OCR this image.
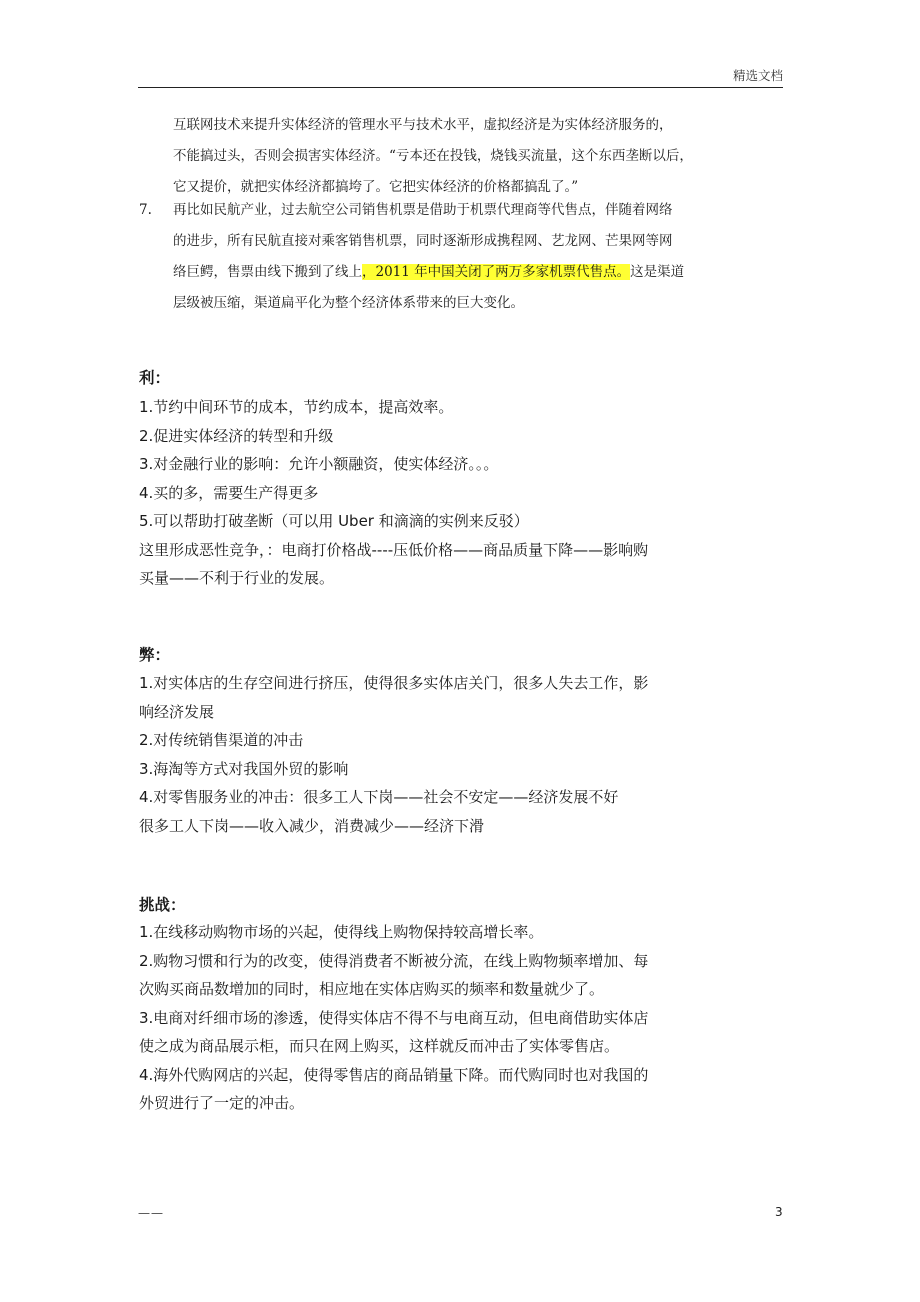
精选文档
互联网技术来提升实体经济的管理水平与技术水平，虚拟经济是为实体经济服务的，
不能搞过头，否则会损害实体经济。“亏本还在投钱，烧钱买流量，这个东西垄断以后，
它又提价，就把实体经济都搞垮了。它把实体经济的价格都搞乱了。”
7. 再比如民航产业，过去航空公司销售机票是借助于机票代理商等代售点，伴随着网络
的进步，所有民航直接对乘客销售机票，同时逐渐形成携程网、艺龙网、芒果网等网
络巨鳄，售票由线下搬到了线上，2011 年中国关闭了两万多家机票代售点。这是渠道
层级被压缩，渠道扁平化为整个经济体系带来的巨大变化。
利：
1.节约中间环节的成本，节约成本，提高效率。
2.促进实体经济的转型和升级
3.对金融行业的影响：允许小额融资，使实体经济。。。
4.买的多，需要生产得更多
5.可以帮助打破垄断（可以用 Uber 和滴滴的实例来反驳）
这里形成恶性竞争，：电商打价格战----压低价格——商品质量下降——影响购
买量——不利于行业的发展。
弊：
1.对实体店的生存空间进行挤压，使得很多实体店关门，很多人失去工作，影
响经济发展
2.对传统销售渠道的冲击
3.海淘等方式对我国外贸的影响
4.对零售服务业的冲击：很多工人下岗——社会不安定——经济发展不好
很多工人下岗——收入减少，消费减少——经济下滑
挑战：
1.在线移动购物市场的兴起，使得线上购物保持较高增长率。
2.购物习惯和行为的改变，使得消费者不断被分流，在线上购物频率增加、每
次购买商品数增加的同时，相应地在实体店购买的频率和数量就少了。
3.电商对纤细市场的渗透，使得实体店不得不与电商互动，但电商借助实体店
使之成为商品展示柜，而只在网上购买，这样就反而冲击了实体零售店。
4.海外代购网店的兴起，使得零售店的商品销量下降。而代购同时也对我国的
外贸进行了一定的冲击。
——	3
